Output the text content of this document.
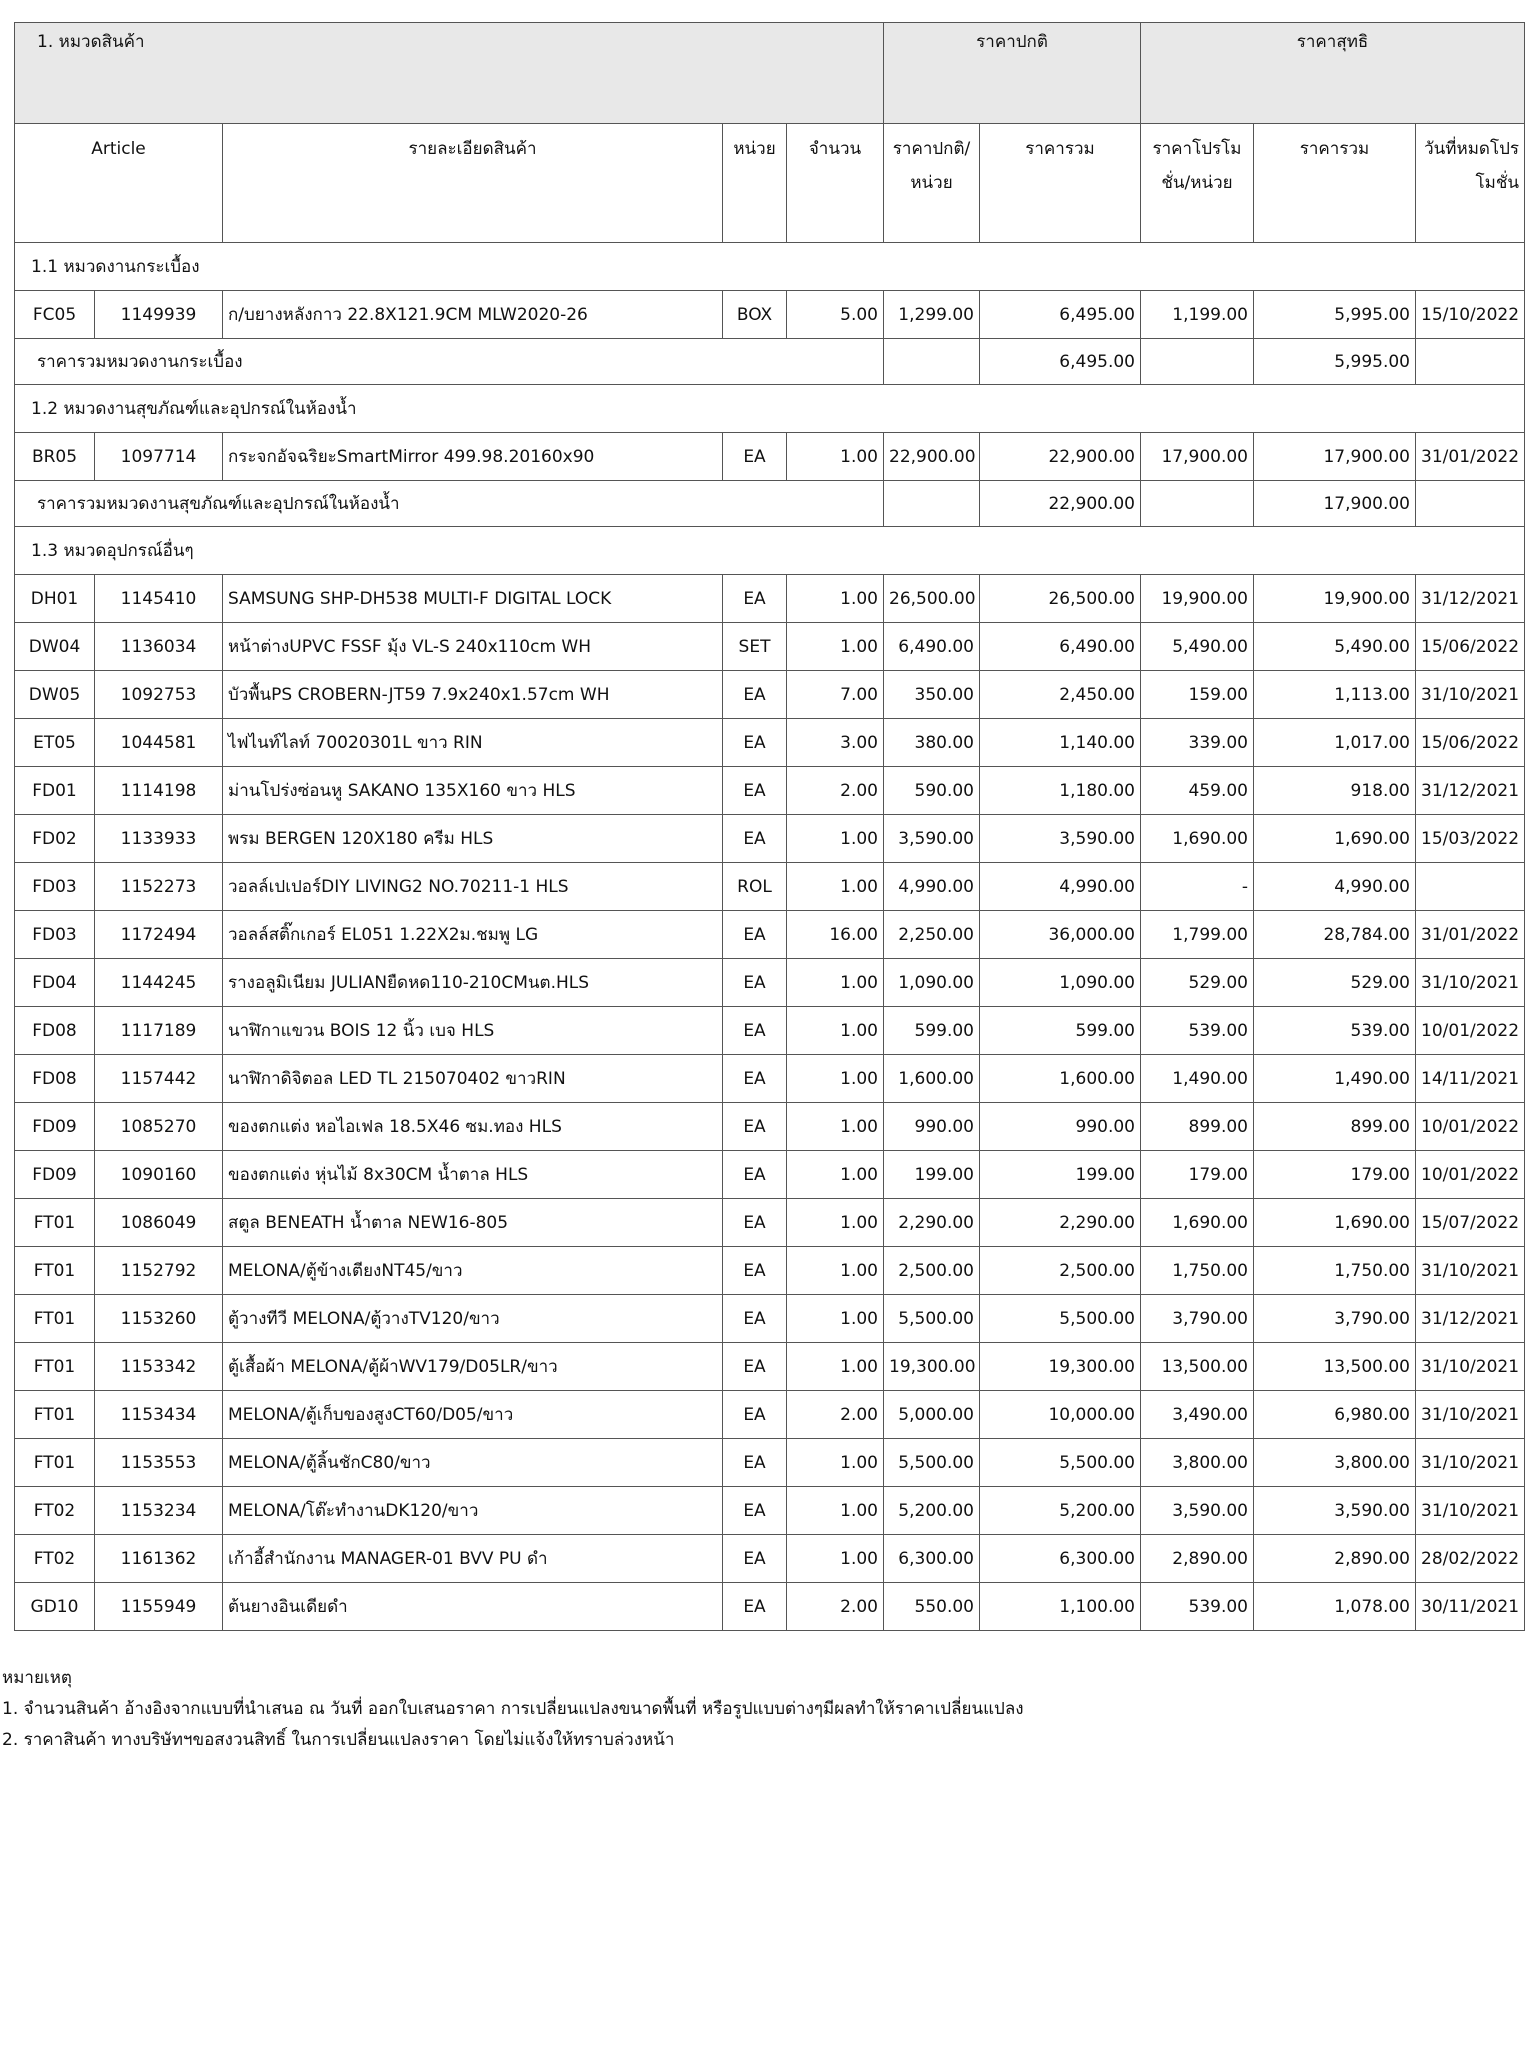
1. หมวดสินค้า					ราคาปกติ		ราคาสุทธิ		
Article		รายละเอียดสินค้า	หน่วย	จำนวน	ราคาปกติ/หน่วย	ราคารวม	ราคาโปรโมชั่น/หน่วย	ราคารวม	วันที่หมดโปรโมชั่น
1.1 หมวดงานกระเบื้อง									
FC05	1149939	ก/บยางหลังกาว 22.8X121.9CM MLW2020-26	BOX	5.00	1,299.00	6,495.00	1,199.00	5,995.00	15/10/2022
ราคารวมหมวดงานกระเบื้อง						6,495.00		5,995.00	
1.2 หมวดงานสุขภัณฑ์และอุปกรณ์ในห้องน้ำ									
BR05	1097714	กระจกอัจฉริยะSmartMirror 499.98.20160x90	EA	1.00	22,900.00	22,900.00	17,900.00	17,900.00	31/01/2022
ราคารวมหมวดงานสุขภัณฑ์และอุปกรณ์ในห้องน้ำ						22,900.00		17,900.00	
1.3 หมวดอุปกรณ์อื่นๆ									
DH01	1145410	SAMSUNG SHP-DH538 MULTI-F DIGITAL LOCK	EA	1.00	26,500.00	26,500.00	19,900.00	19,900.00	31/12/2021
DW04	1136034	หน้าต่างUPVC FSSF มุ้ง VL-S 240x110cm WH	SET	1.00	6,490.00	6,490.00	5,490.00	5,490.00	15/06/2022
DW05	1092753	บัวพื้นPS CROBERN-JT59 7.9x240x1.57cm WH	EA	7.00	350.00	2,450.00	159.00	1,113.00	31/10/2021
ET05	1044581	ไฟไนท์ไลท์ 70020301L ขาว RIN	EA	3.00	380.00	1,140.00	339.00	1,017.00	15/06/2022
FD01	1114198	ม่านโปร่งซ่อนหู SAKANO 135X160 ขาว HLS	EA	2.00	590.00	1,180.00	459.00	918.00	31/12/2021
FD02	1133933	พรม BERGEN 120X180 ครีม HLS	EA	1.00	3,590.00	3,590.00	1,690.00	1,690.00	15/03/2022
FD03	1152273	วอลล์เปเปอร์DIY LIVING2 NO.70211-1 HLS	ROL	1.00	4,990.00	4,990.00	-	4,990.00	
FD03	1172494	วอลล์สติ๊กเกอร์ EL051 1.22X2ม.ชมพู LG	EA	16.00	2,250.00	36,000.00	1,799.00	28,784.00	31/01/2022
FD04	1144245	รางอลูมิเนียม JULIANยืดหด110-210CMนต.HLS	EA	1.00	1,090.00	1,090.00	529.00	529.00	31/10/2021
FD08	1117189	นาฬิกาแขวน BOIS 12 นิ้ว เบจ HLS	EA	1.00	599.00	599.00	539.00	539.00	10/01/2022
FD08	1157442	นาฬิกาดิจิตอล LED TL 215070402 ขาวRIN	EA	1.00	1,600.00	1,600.00	1,490.00	1,490.00	14/11/2021
FD09	1085270	ของตกแต่ง หอไอเฟล 18.5X46 ซม.ทอง HLS	EA	1.00	990.00	990.00	899.00	899.00	10/01/2022
FD09	1090160	ของตกแต่ง หุ่นไม้ 8x30CM น้ำตาล HLS	EA	1.00	199.00	199.00	179.00	179.00	10/01/2022
FT01	1086049	สตูล BENEATH น้ำตาล NEW16-805	EA	1.00	2,290.00	2,290.00	1,690.00	1,690.00	15/07/2022
FT01	1152792	MELONA/ตู้ข้างเตียงNT45/ขาว	EA	1.00	2,500.00	2,500.00	1,750.00	1,750.00	31/10/2021
FT01	1153260	ตู้วางทีวี MELONA/ตู้วางTV120/ขาว	EA	1.00	5,500.00	5,500.00	3,790.00	3,790.00	31/12/2021
FT01	1153342	ตู้เสื้อผ้า MELONA/ตู้ผ้าWV179/D05LR/ขาว	EA	1.00	19,300.00	19,300.00	13,500.00	13,500.00	31/10/2021
FT01	1153434	MELONA/ตู้เก็บของสูงCT60/D05/ขาว	EA	2.00	5,000.00	10,000.00	3,490.00	6,980.00	31/10/2021
FT01	1153553	MELONA/ตู้ลิ้นชักC80/ขาว	EA	1.00	5,500.00	5,500.00	3,800.00	3,800.00	31/10/2021
FT02	1153234	MELONA/โต๊ะทำงานDK120/ขาว	EA	1.00	5,200.00	5,200.00	3,590.00	3,590.00	31/10/2021
FT02	1161362	เก้าอี้สำนักงาน MANAGER-01 BVV PU ดำ	EA	1.00	6,300.00	6,300.00	2,890.00	2,890.00	28/02/2022
GD10	1155949	ต้นยางอินเดียดำ	EA	2.00	550.00	1,100.00	539.00	1,078.00	30/11/2021
หมายเหตุ
1. จำนวนสินค้า อ้างอิงจากแบบที่นำเสนอ ณ วันที่ ออกใบเสนอราคา การเปลี่ยนแปลงขนาดพื้นที่ หรือรูปแบบต่างๆมีผลทำให้ราคาเปลี่ยนแปลง
2. ราคาสินค้า ทางบริษัทฯขอสงวนสิทธิ์ ในการเปลี่ยนแปลงราคา โดยไม่แจ้งให้ทราบล่วงหน้า
